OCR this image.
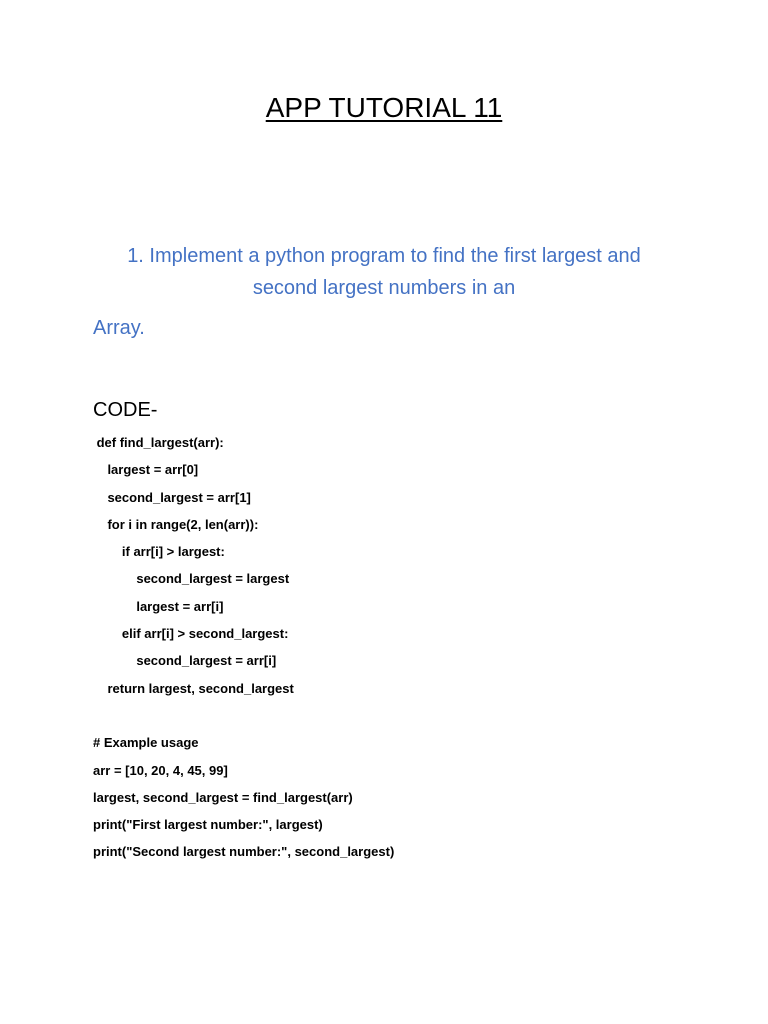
APP TUTORIAL 11
1. Implement a python program to find the first largest and second largest numbers in an
Array.
CODE-
def find_largest(arr):
largest = arr[0]
second_largest = arr[1]
for i in range(2, len(arr)):
if arr[i] > largest:
second_largest = largest
largest = arr[i]
elif arr[i] > second_largest:
second_largest = arr[i]
return largest, second_largest
# Example usage
arr = [10, 20, 4, 45, 99]
largest, second_largest = find_largest(arr)
print("First largest number:", largest)
print("Second largest number:", second_largest)
